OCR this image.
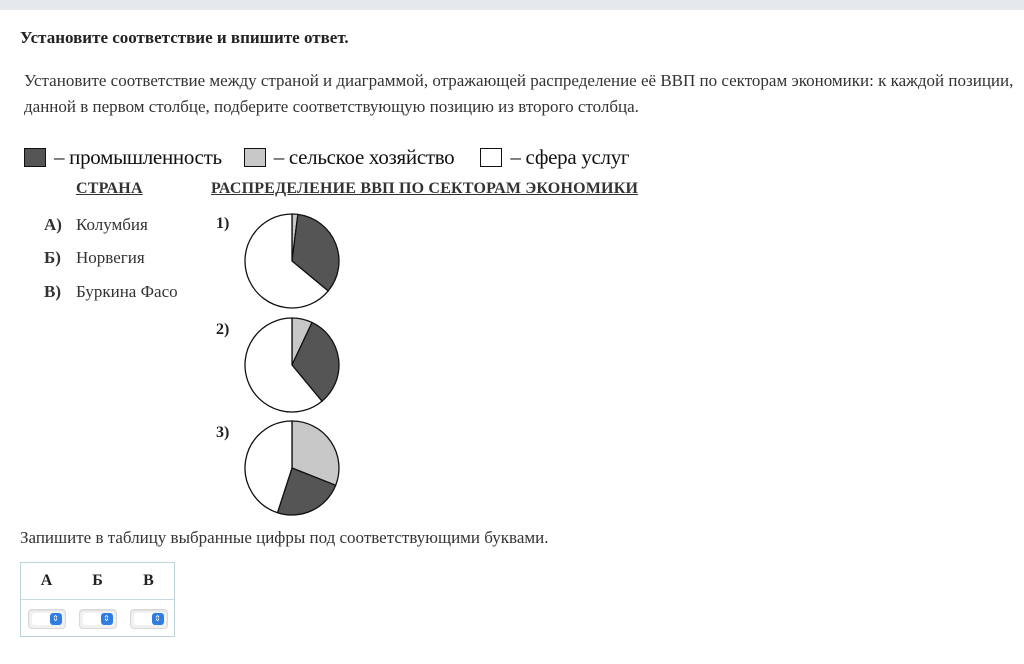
Установите соответствие и впишите ответ.
Установите соответствие между страной и диаграммой, отражающей распределение её ВВП по секторам экономики: к каждой позиции, данной в первом столбце, подберите соответствующую позицию из второго столбца.
– промышленность – сельское хозяйство	– сфера услуг
СТРАНА	РАСПРЕДЕЛЕНИЕ ВВП ПО СЕКТОРАМ ЭКОНОМИКИ
А) Колумбия
Б) Норвегия
В) Буркина Фасо
1)
2)
3)
Запишите в таблицу выбранные цифры под соответствующими буквами.
А	Б	В
⇕	⇕	⇕
